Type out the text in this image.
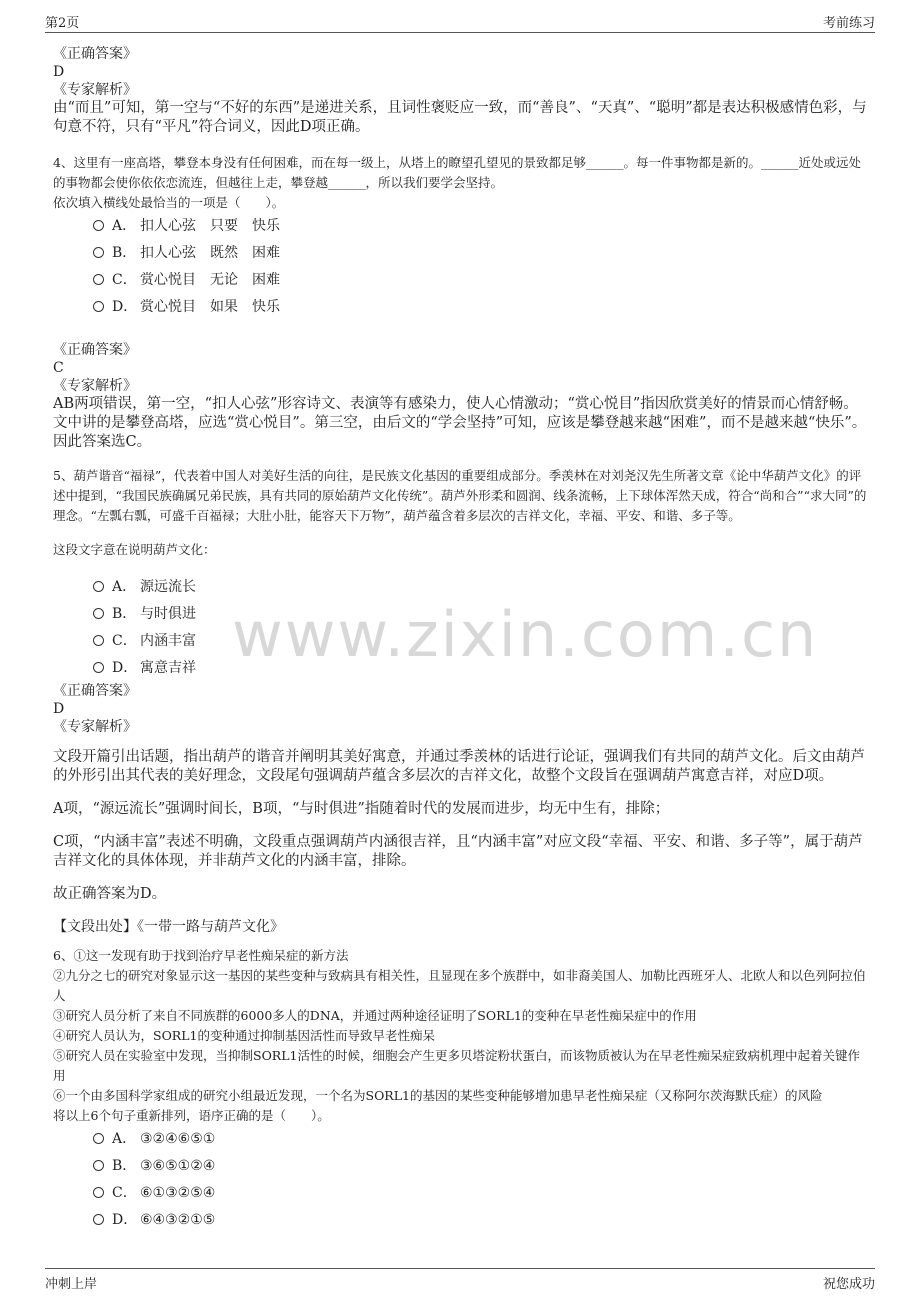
第2页	考前练习
www.zixin.com.cn
《正确答案》
D
《专家解析》
由“而且”可知，第一空与“不好的东西”是递进关系，且词性褒贬应一致，而“善良”、“天真”、“聪明”都是表达积极感情色彩，与句意不符，只有“平凡”符合词义，因此D项正确。
4、这里有一座高塔，攀登本身没有任何困难，而在每一级上，从塔上的瞭望孔望见的景致都足够______。每一件事物都是新的。______近处或远处的事物都会使你依依恋流连，但越往上走，攀登越______，所以我们要学会坚持。
依次填入横线处最恰当的一项是（　　）。
A． 扣人心弦　只要　快乐
B． 扣人心弦　既然　困难
C． 赏心悦目　无论　困难
D． 赏心悦目　如果　快乐
《正确答案》
C
《专家解析》
AB两项错误，第一空，“扣人心弦”形容诗文、表演等有感染力，使人心情激动；“赏心悦目”指因欣赏美好的情景而心情舒畅。文中讲的是攀登高塔，应选“赏心悦目”。第三空，由后文的“学会坚持”可知，应该是攀登越来越“困难”，而不是越来越“快乐”。因此答案选C。
5、葫芦谐音“福禄”，代表着中国人对美好生活的向往，是民族文化基因的重要组成部分。季羡林在对刘尧汉先生所著文章《论中华葫芦文化》的评述中提到，“我国民族确属兄弟民族，具有共同的原始葫芦文化传统”。葫芦外形柔和圆润、线条流畅，上下球体浑然天成，符合“尚和合”“求大同”的理念。“左瓢右瓢，可盛千百福禄；大肚小肚，能容天下万物”，葫芦蕴含着多层次的吉祥文化，幸福、平安、和谐、多子等。
这段文字意在说明葫芦文化：
A． 源远流长
B． 与时俱进
C． 内涵丰富
D． 寓意吉祥
《正确答案》
D
《专家解析》
文段开篇引出话题，指出葫芦的谐音并阐明其美好寓意，并通过季羡林的话进行论证，强调我们有共同的葫芦文化。后文由葫芦的外形引出其代表的美好理念，文段尾句强调葫芦蕴含多层次的吉祥文化，故整个文段旨在强调葫芦寓意吉祥，对应D项。
A项，“源远流长”强调时间长，B项，“与时俱进”指随着时代的发展而进步，均无中生有，排除；
C项，“内涵丰富”表述不明确，文段重点强调葫芦内涵很吉祥，且“内涵丰富”对应文段“幸福、平安、和谐、多子等”，属于葫芦吉祥文化的具体体现，并非葫芦文化的内涵丰富，排除。
故正确答案为D。
【文段出处】《一带一路与葫芦文化》
6、①这一发现有助于找到治疗早老性痴呆症的新方法
②九分之七的研究对象显示这一基因的某些变种与致病具有相关性，且显现在多个族群中，如非裔美国人、加勒比西班牙人、北欧人和以色列阿拉伯人
③研究人员分析了来自不同族群的6000多人的DNA，并通过两种途径证明了SORL1的变种在早老性痴呆症中的作用
④研究人员认为，SORL1的变种通过抑制基因活性而导致早老性痴呆
⑤研究人员在实验室中发现，当抑制SORL1活性的时候，细胞会产生更多贝塔淀粉状蛋白，而该物质被认为在早老性痴呆症致病机理中起着关键作用
⑥一个由多国科学家组成的研究小组最近发现，一个名为SORL1的基因的某些变种能够增加患早老性痴呆症（又称阿尔茨海默氏症）的风险
将以上6个句子重新排列，语序正确的是（　　）。
A． ③②④⑥⑤①
B． ③⑥⑤①②④
C． ⑥①③②⑤④
D． ⑥④③②①⑤
冲刺上岸	祝您成功
